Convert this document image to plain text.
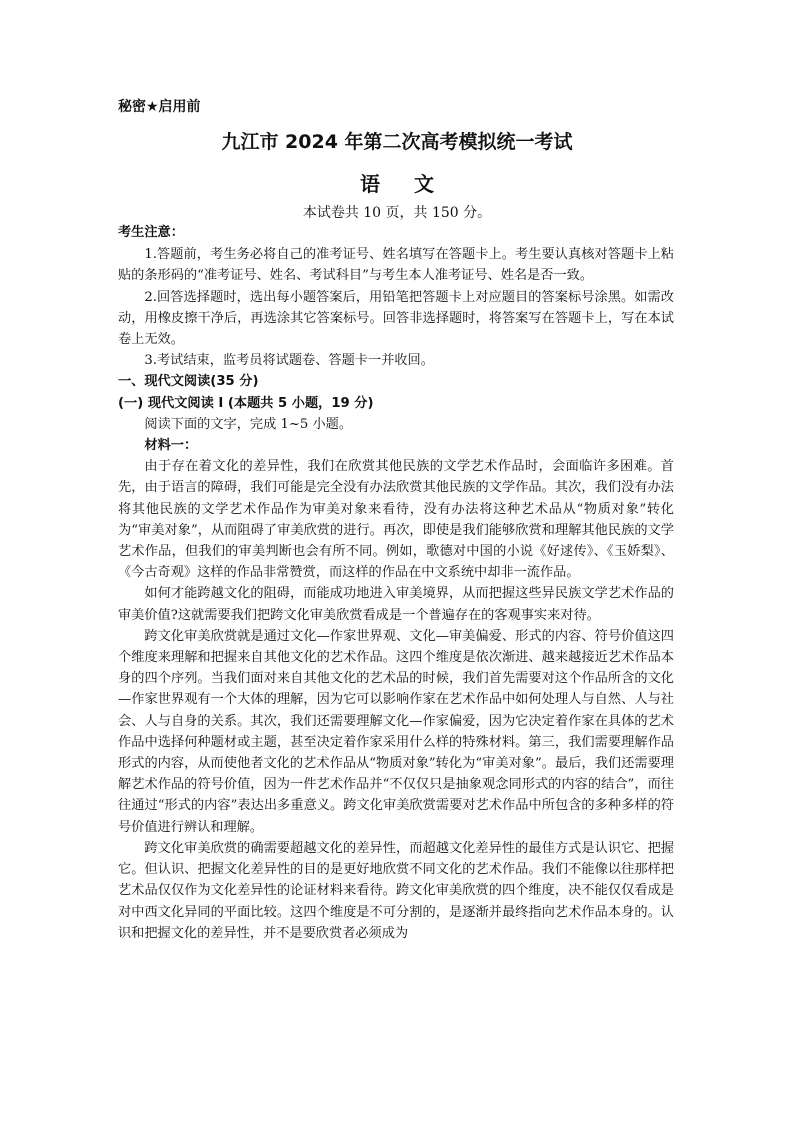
秘密★启用前
九江市 2024 年第二次高考模拟统一考试
语文
本试卷共 10 页，共 150 分。

考生注意：

1.答题前，考生务必将自己的准考证号、姓名填写在答题卡上。考生要认真核对答题卡上粘贴的条形码的“准考证号、姓名、考试科目”与考生本人准考证号、姓名是否一致。

2.回答选择题时，选出每小题答案后，用铅笔把答题卡上对应题目的答案标号涂黑。如需改动，用橡皮擦干净后，再选涂其它答案标号。回答非选择题时，将答案写在答题卡上，写在本试卷上无效。

3.考试结束，监考员将试题卷、答题卡一并收回。

一、现代文阅读(35 分)

(一) 现代文阅读 I (本题共 5 小题，19 分)

阅读下面的文字，完成 1~5 小题。

材料一：

由于存在着文化的差异性，我们在欣赏其他民族的文学艺术作品时，会面临许多困难。首先，由于语言的障碍，我们可能是完全没有办法欣赏其他民族的文学作品。其次，我们没有办法将其他民族的文学艺术作品作为审美对象来看待，没有办法将这种艺术品从“物质对象”转化为“审美对象”，从而阻碍了审美欣赏的进行。再次，即使是我们能够欣赏和理解其他民族的文学艺术作品，但我们的审美判断也会有所不同。例如，歌德对中国的小说《好逑传》、《玉娇梨》、《今古奇观》这样的作品非常赞赏，而这样的作品在中文系统中却非一流作品。

如何才能跨越文化的阻碍，而能成功地进入审美境界，从而把握这些异民族文学艺术作品的审美价值?这就需要我们把跨文化审美欣赏看成是一个普遍存在的客观事实来对待。

跨文化审美欣赏就是通过文化—作家世界观、文化—审美偏爱、形式的内容、符号价值这四个维度来理解和把握来自其他文化的艺术作品。这四个维度是依次渐进、越来越接近艺术作品本身的四个序列。当我们面对来自其他文化的艺术品的时候，我们首先需要对这个作品所含的文化—作家世界观有一个大体的理解，因为它可以影响作家在艺术作品中如何处理人与自然、人与社会、人与自身的关系。其次，我们还需要理解文化—作家偏爱，因为它决定着作家在具体的艺术作品中选择何种题材或主题，甚至决定着作家采用什么样的特殊材料。第三，我们需要理解作品形式的内容，从而使他者文化的艺术作品从“物质对象”转化为“审美对象”。最后，我们还需要理解艺术作品的符号价值，因为一件艺术作品并“不仅仅只是抽象观念同形式的内容的结合”，而往往通过“形式的内容”表达出多重意义。跨文化审美欣赏需要对艺术作品中所包含的多种多样的符号价值进行辨认和理解。

跨文化审美欣赏的确需要超越文化的差异性，而超越文化差异性的最佳方式是认识它、把握它。但认识、把握文化差异性的目的是更好地欣赏不同文化的艺术作品。我们不能像以往那样把艺术品仅仅作为文化差异性的论证材料来看待。跨文化审美欣赏的四个维度，决不能仅仅看成是对中西文化异同的平面比较。这四个维度是不可分割的，是逐渐并最终指向艺术作品本身的。认识和把握文化的差异性，并不是要欣赏者必须成为
